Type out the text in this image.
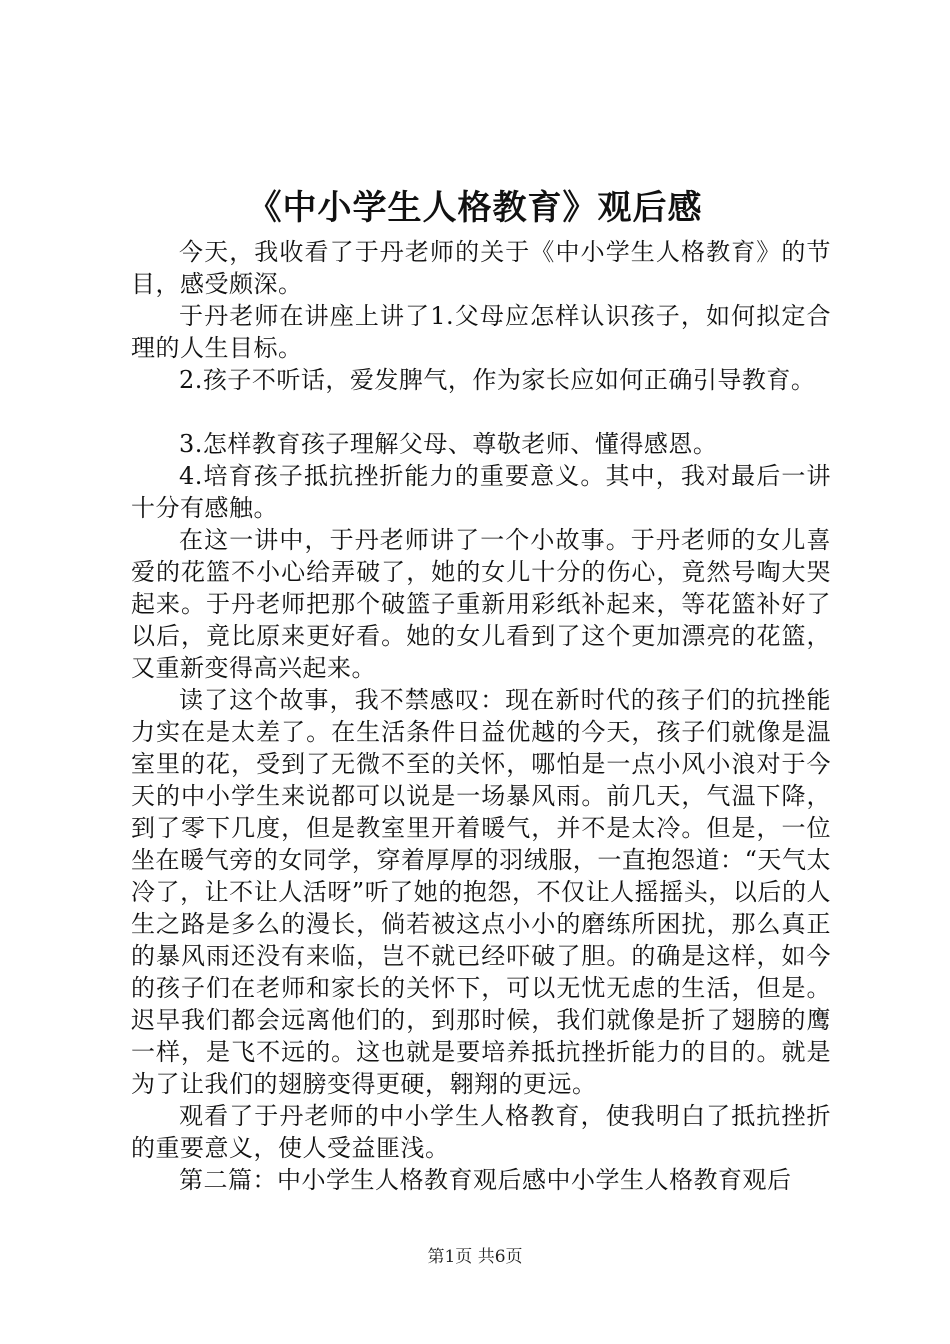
《中小学生人格教育》观后感

今天，我收看了于丹老师的关于《中小学生人格教育》的节目，感受颇深。

于丹老师在讲座上讲了1.父母应怎样认识孩子，如何拟定合理的人生目标。

2.孩子不听话，爱发脾气，作为家长应如何正确引导教育。

3.怎样教育孩子理解父母、尊敬老师、懂得感恩。

4.培育孩子抵抗挫折能力的重要意义。其中，我对最后一讲十分有感触。

在这一讲中，于丹老师讲了一个小故事。于丹老师的女儿喜爱的花篮不小心给弄破了，她的女儿十分的伤心，竟然号啕大哭起来。于丹老师把那个破篮子重新用彩纸补起来，等花篮补好了以后，竟比原来更好看。她的女儿看到了这个更加漂亮的花篮，又重新变得高兴起来。

读了这个故事，我不禁感叹：现在新时代的孩子们的抗挫能力实在是太差了。在生活条件日益优越的今天，孩子们就像是温室里的花，受到了无微不至的关怀，哪怕是一点小风小浪对于今天的中小学生来说都可以说是一场暴风雨。前几天，气温下降，到了零下几度，但是教室里开着暖气，并不是太冷。但是，一位坐在暖气旁的女同学，穿着厚厚的羽绒服，一直抱怨道：“天气太冷了，让不让人活呀”听了她的抱怨，不仅让人摇摇头，以后的人生之路是多么的漫长，倘若被这点小小的磨练所困扰，那么真正的暴风雨还没有来临，岂不就已经吓破了胆。的确是这样，如今的孩子们在老师和家长的关怀下，可以无忧无虑的生活，但是。迟早我们都会远离他们的，到那时候，我们就像是折了翅膀的鹰一样，是飞不远的。这也就是要培养抵抗挫折能力的目的。就是为了让我们的翅膀变得更硬，翱翔的更远。

观看了于丹老师的中小学生人格教育，使我明白了抵抗挫折的重要意义，使人受益匪浅。

第二篇：中小学生人格教育观后感中小学生人格教育观后

第1页 共6页
